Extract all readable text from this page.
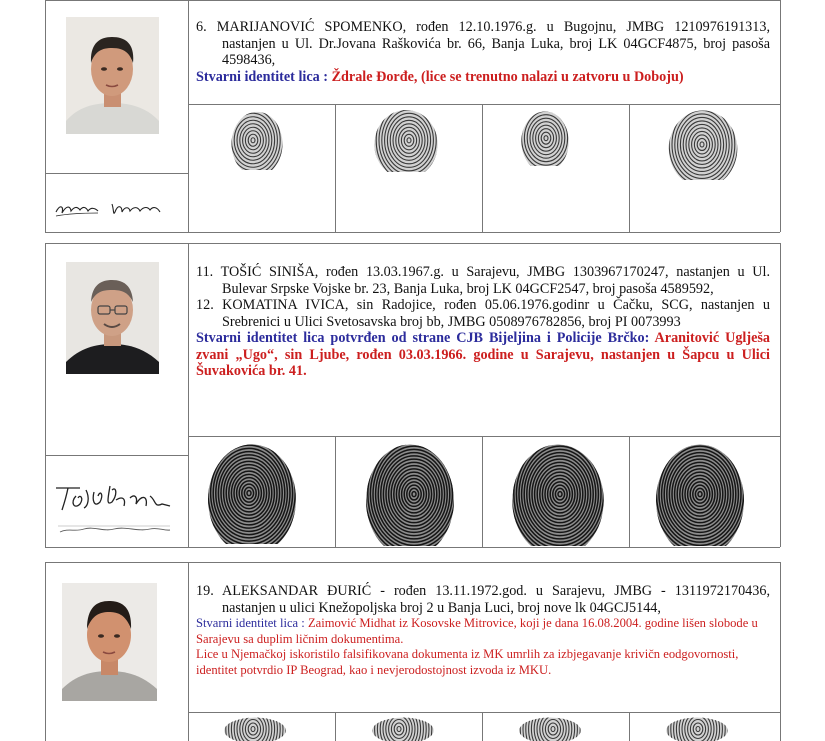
6. MARIJANOVIĆ SPOMENKO, rođen 12.10.1976.g. u Bugojnu, JMBG 1210976191313, nastanjen u Ul. Dr.Jovana Raškovića br. 66, Banja Luka, broj LK 04GCF4875, broj pasoša 4598436,

Stvarni identitet lica : Ždrale Đorđe, (lice se trenutno nalazi u zatvoru u Doboju)

11. TOŠIĆ SINIŠA, rođen 13.03.1967.g. u Sarajevu, JMBG 1303967170247, nastanjen u Ul. Bulevar Srpske Vojske br. 23, Banja Luka, broj LK 04GCF2547, broj pasoša 4589592,

12. KOMATINA IVICA, sin Radojice, rođen 05.06.1976.godinr u Čačku, SCG, nastanjen u Srebrenici u Ulici Svetosavska broj bb, JMBG 0508976782856, broj PI 0073993

Stvarni identitet lica potvrđen od strane CJB Bijeljina i Policije Brčko: Aranitović Uglješa zvani „Ugo“, sin Ljube, rođen 03.03.1966. godine u Sarajevu, nastanjen u Šapcu u Ulici Šuvakovića br. 41.

19. ALEKSANDAR ĐURIĆ - rođen 13.11.1972.god. u Sarajevu, JMBG - 1311972170436, nastanjen u ulici Knežopoljska broj 2 u Banja Luci, broj nove lk 04GCJ5144,

Stvarni identitet lica : Zaimović Midhat iz Kosovske Mitrovice, koji je dana 16.08.2004. godine lišen slobode u Sarajevu sa duplim ličnim dokumentima.

Lice u Njemačkoj iskoristilo falsifikovana dokumenta iz MK umrlih za izbjegavanje krivičn eodgovornosti, identitet potvrdio IP Beograd, kao i nevjerodostojnost izvoda iz MKU.
